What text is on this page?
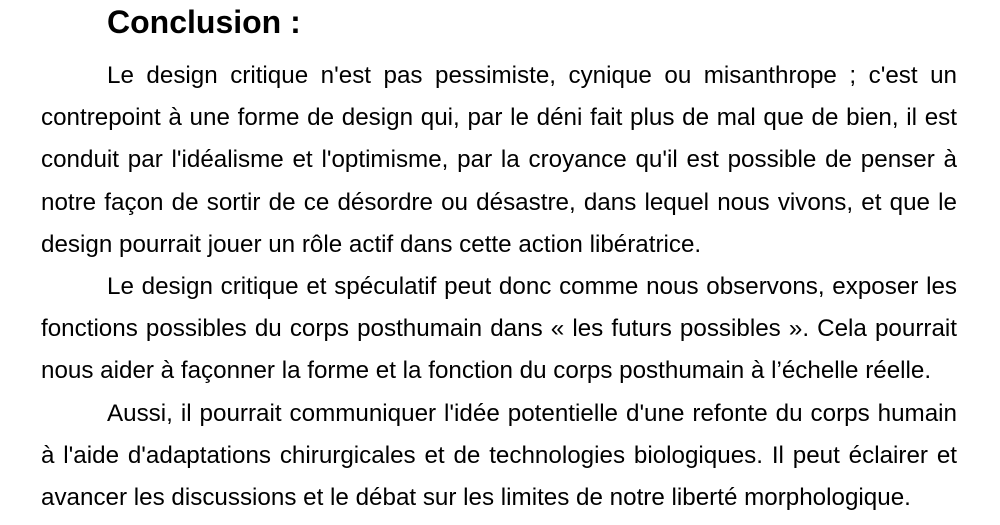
Conclusion :

Le design critique n'est pas pessimiste, cynique ou misanthrope ; c'est un
contrepoint à une forme de design qui, par le déni fait plus de mal que de bien, il est
conduit par l'idéalisme et l'optimisme, par la croyance qu'il est possible de penser à
notre façon de sortir de ce désordre ou désastre, dans lequel nous vivons, et que le
design pourrait jouer un rôle actif dans cette action libératrice.

Le design critique et spéculatif peut donc comme nous observons, exposer les
fonctions possibles du corps posthumain dans « les futurs possibles ». Cela pourrait
nous aider à façonner la forme et la fonction du corps posthumain à l’échelle réelle.

Aussi, il pourrait communiquer l'idée potentielle d'une refonte du corps humain
à l'aide d'adaptations chirurgicales et de technologies biologiques. Il peut éclairer et
avancer les discussions et le débat sur les limites de notre liberté morphologique.
